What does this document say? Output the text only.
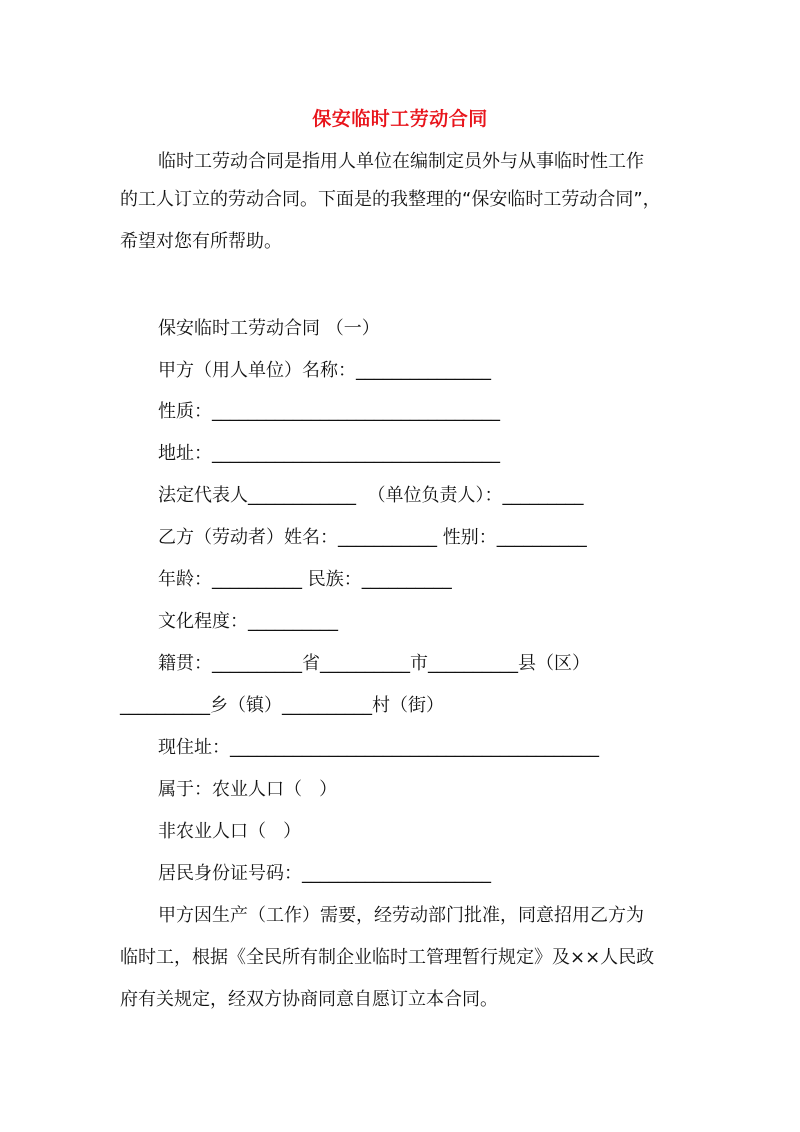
保安临时工劳动合同
临时工劳动合同是指用人单位在编制定员外与从事临时性工作
的工人订立的劳动合同。下面是的我整理的“保安临时工劳动合同”，
希望对您有所帮助。
保安临时工劳动合同 （一）
甲方（用人单位）名称：_______________
性质：________________________________
地址：________________________________
法定代表人____________  （单位负责人）：_________
乙方（劳动者）姓名：___________ 性别：__________
年龄：__________ 民族：__________
文化程度：__________
籍贯：__________省__________市__________县（区）
__________乡（镇）__________村（街）
现住址：_________________________________________
属于：农业人口（   ）
非农业人口（   ）
居民身份证号码：_____________________
甲方因生产（工作）需要，经劳动部门批准，同意招用乙方为
临时工，根据《全民所有制企业临时工管理暂行规定》及××人民政
府有关规定，经双方协商同意自愿订立本合同。
